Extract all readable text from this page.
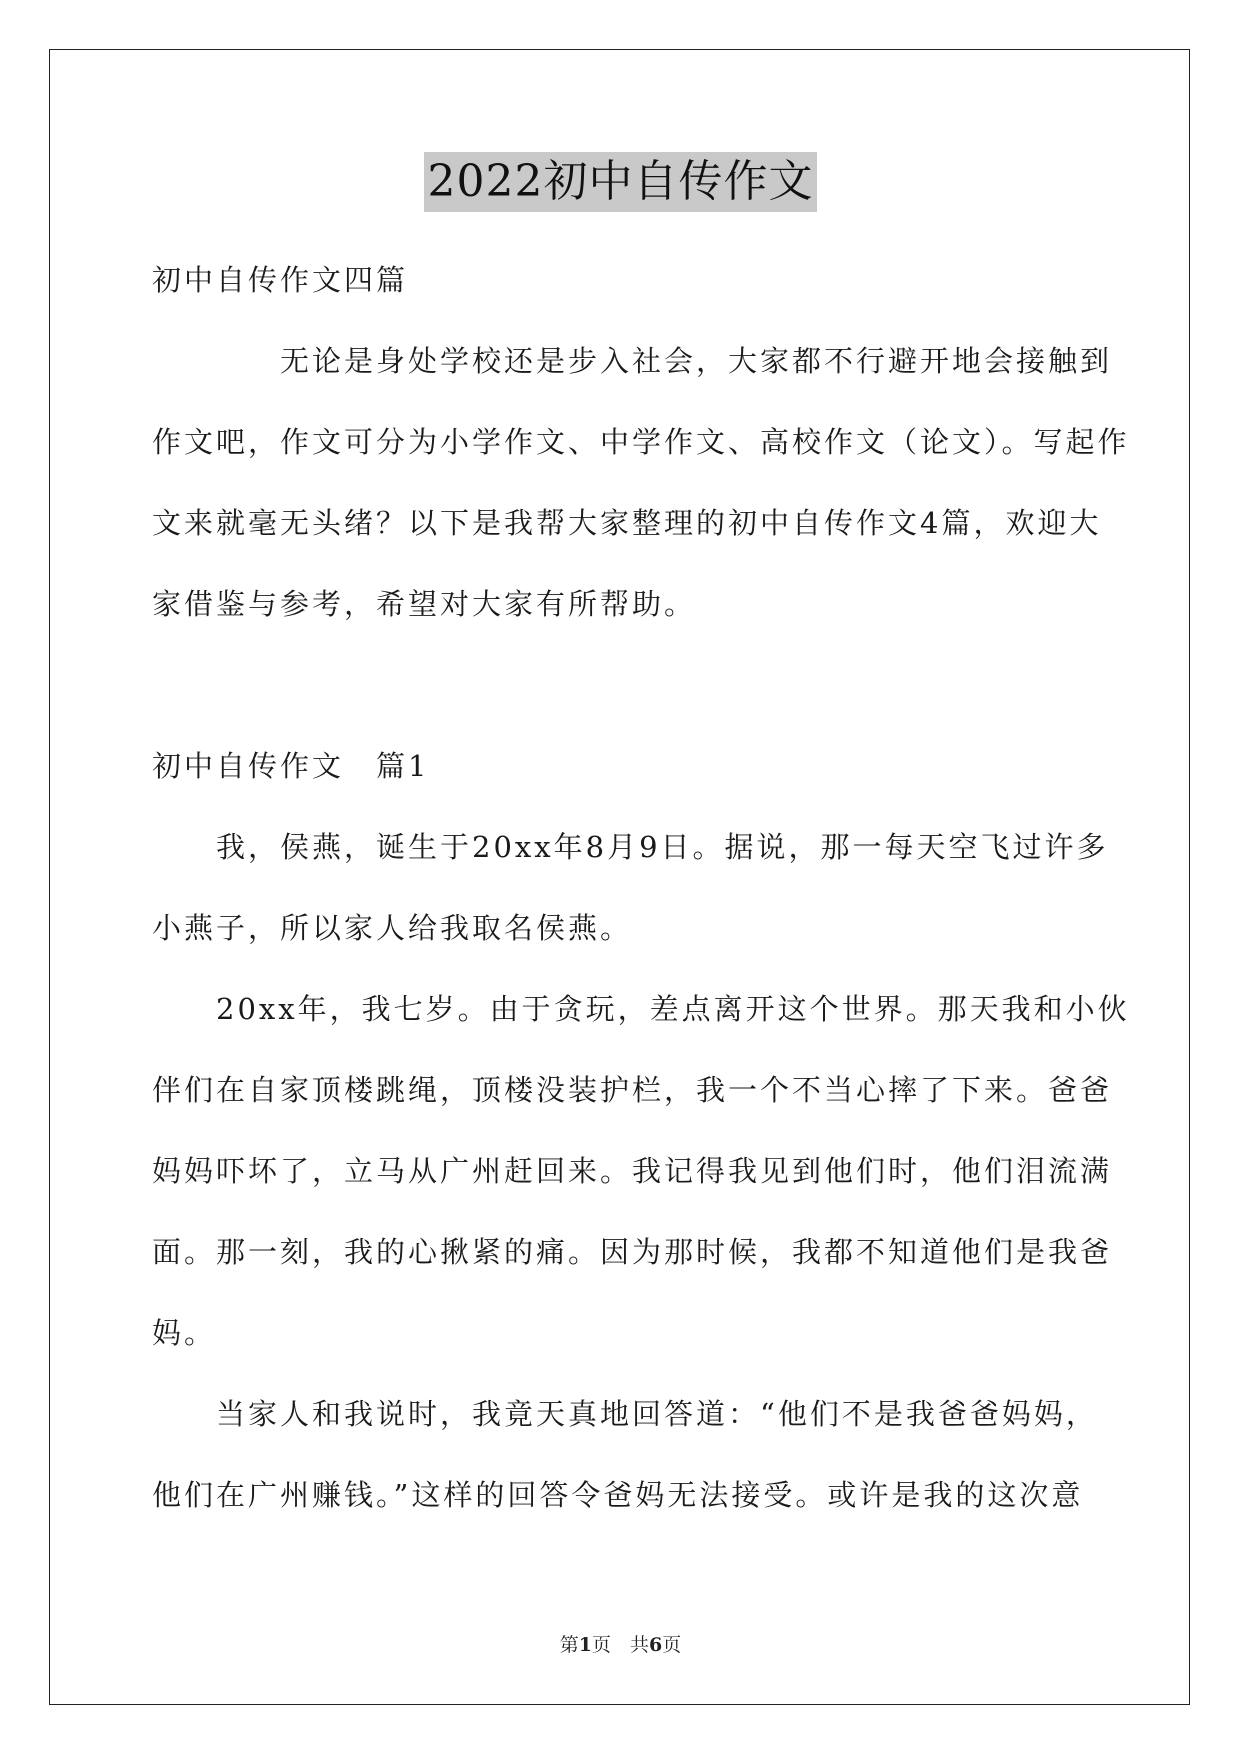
2022初中自传作文

初中自传作文四篇

　　　　无论是身处学校还是步入社会，大家都不行避开地会接触到

作文吧，作文可分为小学作文、中学作文、高校作文（论文）。写起作

文来就毫无头绪？以下是我帮大家整理的初中自传作文4篇，欢迎大

家借鉴与参考，希望对大家有所帮助。

初中自传作文　篇1

　　我，侯燕，诞生于20xx年8月9日。据说，那一每天空飞过许多

小燕子，所以家人给我取名侯燕。

　　20xx年，我七岁。由于贪玩，差点离开这个世界。那天我和小伙

伴们在自家顶楼跳绳，顶楼没装护栏，我一个不当心摔了下来。爸爸

妈妈吓坏了，立马从广州赶回来。我记得我见到他们时，他们泪流满

面。那一刻，我的心揪紧的痛。因为那时候，我都不知道他们是我爸

妈。

　　当家人和我说时，我竟天真地回答道：“他们不是我爸爸妈妈，

他们在广州赚钱。”这样的回答令爸妈无法接受。或许是我的这次意

第1页　共6页
